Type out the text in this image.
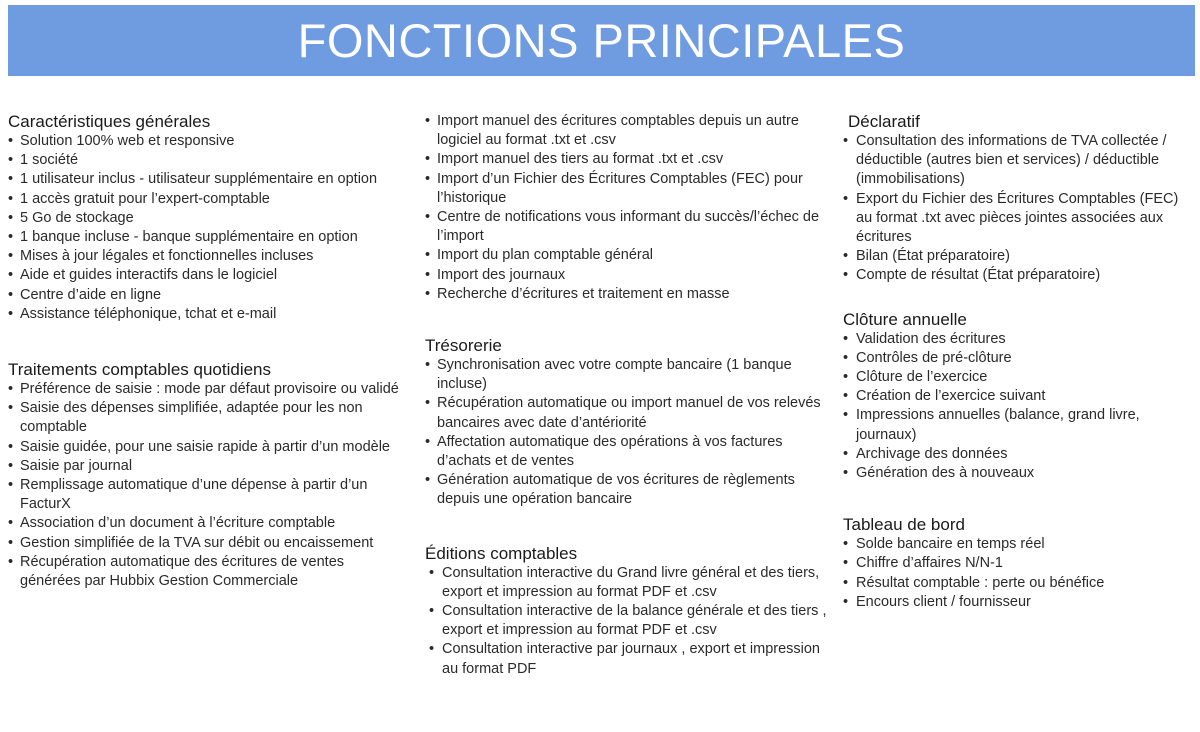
FONCTIONS PRINCIPALES
Caractéristiques générales
• Solution 100% web et responsive
• 1 société
• 1 utilisateur inclus - utilisateur supplémentaire en option
• 1 accès gratuit pour l’expert-comptable
• 5 Go de stockage
• 1 banque incluse - banque supplémentaire en option
• Mises à jour légales et fonctionnelles incluses
• Aide et guides interactifs dans le logiciel
• Centre d’aide en ligne
• Assistance téléphonique, tchat et e-mail
Traitements comptables quotidiens
• Préférence de saisie : mode par défaut provisoire ou validé
• Saisie des dépenses simplifiée, adaptée pour les non comptable
• Saisie guidée, pour une saisie rapide à partir d’un modèle
• Saisie par journal
• Remplissage automatique d’une dépense à partir d’un FacturX
• Association d’un document à l’écriture comptable
• Gestion simplifiée de la TVA sur débit ou encaissement
• Récupération automatique des écritures de ventes générées par Hubbix Gestion Commerciale
• Import manuel des écritures comptables depuis un autre logiciel au format .txt et .csv
• Import manuel des tiers au format .txt et .csv
• Import d’un Fichier des Écritures Comptables (FEC) pour l’historique
• Centre de notifications vous informant du succès/l’échec de l’import
• Import du plan comptable général
• Import des journaux
• Recherche d’écritures et traitement en masse
Trésorerie
• Synchronisation avec votre compte bancaire (1 banque incluse)
• Récupération automatique ou import manuel de vos relevés bancaires avec date d’antériorité
• Affectation automatique des opérations à vos factures d’achats et de ventes
• Génération automatique de vos écritures de règlements depuis une opération bancaire
Éditions comptables
• Consultation interactive du Grand livre général et des tiers, export et impression au format PDF et .csv
• Consultation interactive de la balance générale et des tiers , export et impression au format PDF et .csv
• Consultation interactive par journaux , export et impression au format PDF
Déclaratif
• Consultation des informations de TVA collectée / déductible (autres bien et services) / déductible (immobilisations)
• Export du Fichier des Écritures Comptables (FEC) au format .txt avec pièces jointes associées aux écritures
• Bilan (État préparatoire)
• Compte de résultat (État préparatoire)
Clôture annuelle
• Validation des écritures
• Contrôles de pré-clôture
• Clôture de l’exercice
• Création de l’exercice suivant
• Impressions annuelles (balance, grand livre, journaux)
• Archivage des données
• Génération des à nouveaux
Tableau de bord
• Solde bancaire en temps réel
• Chiffre d’affaires N/N-1
• Résultat comptable : perte ou bénéfice
• Encours client / fournisseur
